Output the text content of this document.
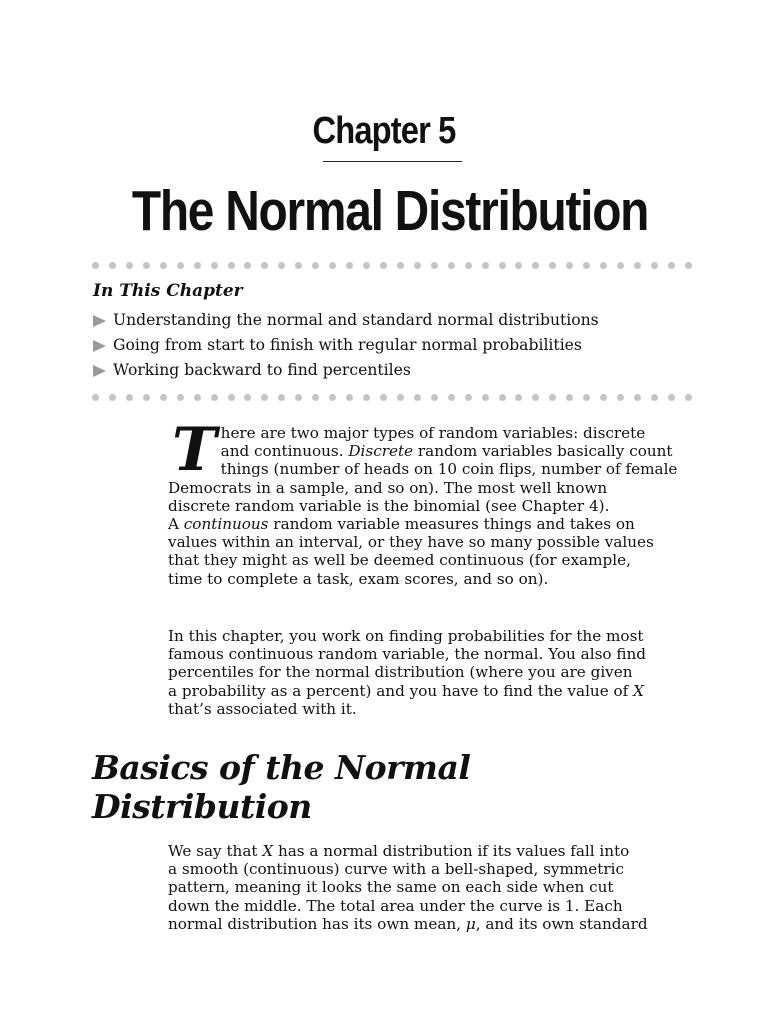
Chapter 5
The Normal Distribution
In This Chapter
Understanding the normal and standard normal distributions
Going from start to finish with regular normal probabilities
Working backward to find percentiles
T here are two major types of random variables: discrete
and continuous. Discrete random variables basically count
things (number of heads on 10 coin flips, number of female
Democrats in a sample, and so on). The most well known
discrete random variable is the binomial (see Chapter 4).
A continuous random variable measures things and takes on
values within an interval, or they have so many possible values
that they might as well be deemed continuous (for example,
time to complete a task, exam scores, and so on).
In this chapter, you work on finding probabilities for the most
famous continuous random variable, the normal. You also find
percentiles for the normal distribution (where you are given
a probability as a percent) and you have to find the value of X
that’s associated with it.
Basics of the Normal
Distribution
We say that X has a normal distribution if its values fall into
a smooth (continuous) curve with a bell-shaped, symmetric
pattern, meaning it looks the same on each side when cut
down the middle. The total area under the curve is 1. Each
normal distribution has its own mean, μ, and its own standard
